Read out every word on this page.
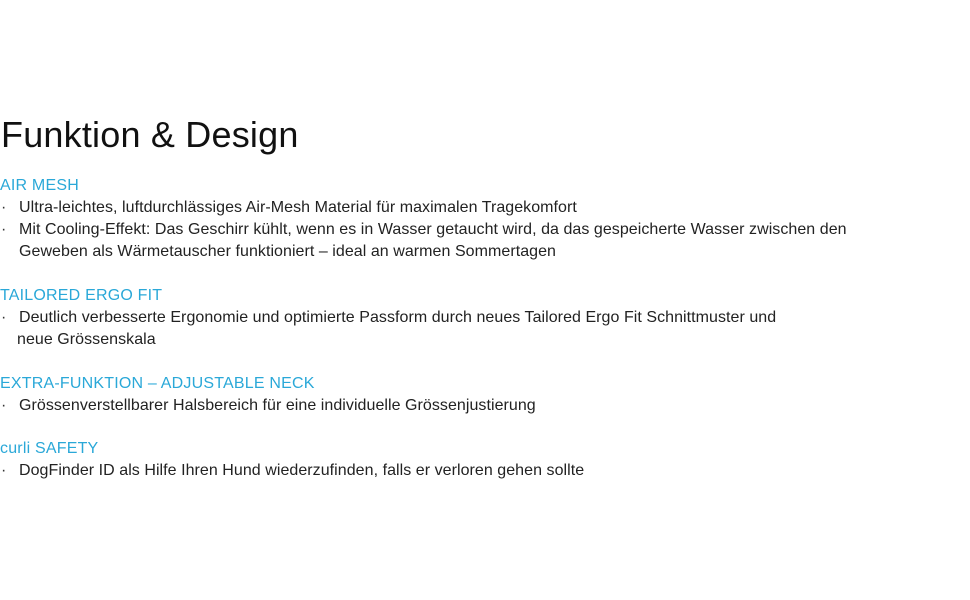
Funktion & Design
AIR MESH
· Ultra-leichtes, luftdurchlässiges Air-Mesh Material für maximalen Tragekomfort
· Mit Cooling-Effekt: Das Geschirr kühlt, wenn es in Wasser getaucht wird, da das gespeicherte Wasser zwischen den
Geweben als Wärmetauscher funktioniert – ideal an warmen Sommertagen
TAILORED ERGO FIT
· Deutlich verbesserte Ergonomie und optimierte Passform durch neues Tailored Ergo Fit Schnittmuster und
neue Grössenskala
EXTRA-FUNKTION – ADJUSTABLE NECK
· Grössenverstellbarer Halsbereich für eine individuelle Grössenjustierung
curli SAFETY
· DogFinder ID als Hilfe Ihren Hund wiederzufinden, falls er verloren gehen sollte
